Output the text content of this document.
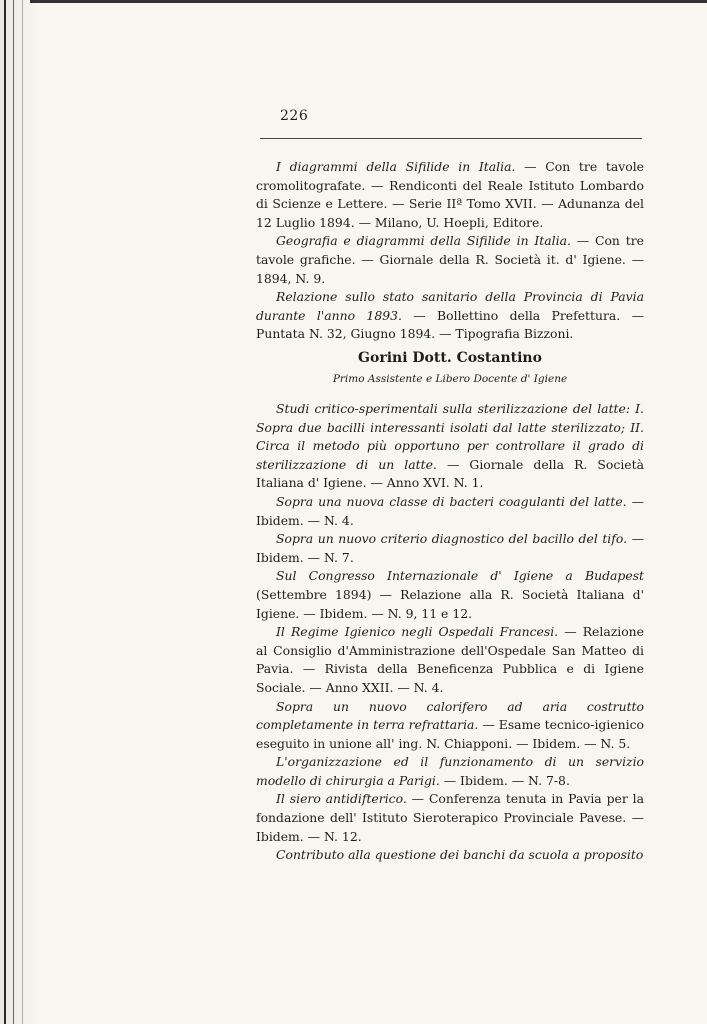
226

I diagrammi della Sifilide in Italia. — Con tre tavole cromolitografate. — Rendiconti del Reale Istituto Lombardo di Scienze e Lettere. — Serie IIª Tomo XVII. — Adunanza del 12 Luglio 1894. — Milano, U. Hoepli, Editore.

Geografia e diagrammi della Sifilide in Italia. — Con tre tavole grafiche. — Giornale della R. Società it. d' Igiene. — 1894, N. 9.

Relazione sullo stato sanitario della Provincia di Pavia durante l'anno 1893. — Bollettino della Prefettura. — Puntata N. 32, Giugno 1894. — Tipografia Bizzoni.

Gorini Dott. Costantino

Primo Assistente e Libero Docente d' Igiene

Studi critico-sperimentali sulla sterilizzazione del latte: I. Sopra due bacilli interessanti isolati dal latte sterilizzato; II. Circa il metodo più opportuno per controllare il grado di sterilizzazione di un latte. — Giornale della R. Società Italiana d' Igiene. — Anno XVI. N. 1.

Sopra una nuova classe di bacteri coagulanti del latte. — Ibidem. — N. 4.

Sopra un nuovo criterio diagnostico del bacillo del tifo. — Ibidem. — N. 7.

Sul Congresso Internazionale d' Igiene a Budapest (Settembre 1894) — Relazione alla R. Società Italiana d' Igiene. — Ibidem. — N. 9, 11 e 12.

Il Regime Igienico negli Ospedali Francesi. — Relazione al Consiglio d'Amministrazione dell'Ospedale San Matteo di Pavia. — Rivista della Beneficenza Pubblica e di Igiene Sociale. — Anno XXII. — N. 4.

Sopra un nuovo calorifero ad aria costrutto completamente in terra refrattaria. — Esame tecnico-igienico eseguito in unione all' ing. N. Chiapponi. — Ibidem. — N. 5.

L'organizzazione ed il funzionamento di un servizio modello di chirurgia a Parigi. — Ibidem. — N. 7-8.

Il siero antidifterico. — Conferenza tenuta in Pavia per la fondazione dell' Istituto Sieroterapico Provinciale Pavese. — Ibidem. — N. 12.

Contributo alla questione dei banchi da scuola a proposito
